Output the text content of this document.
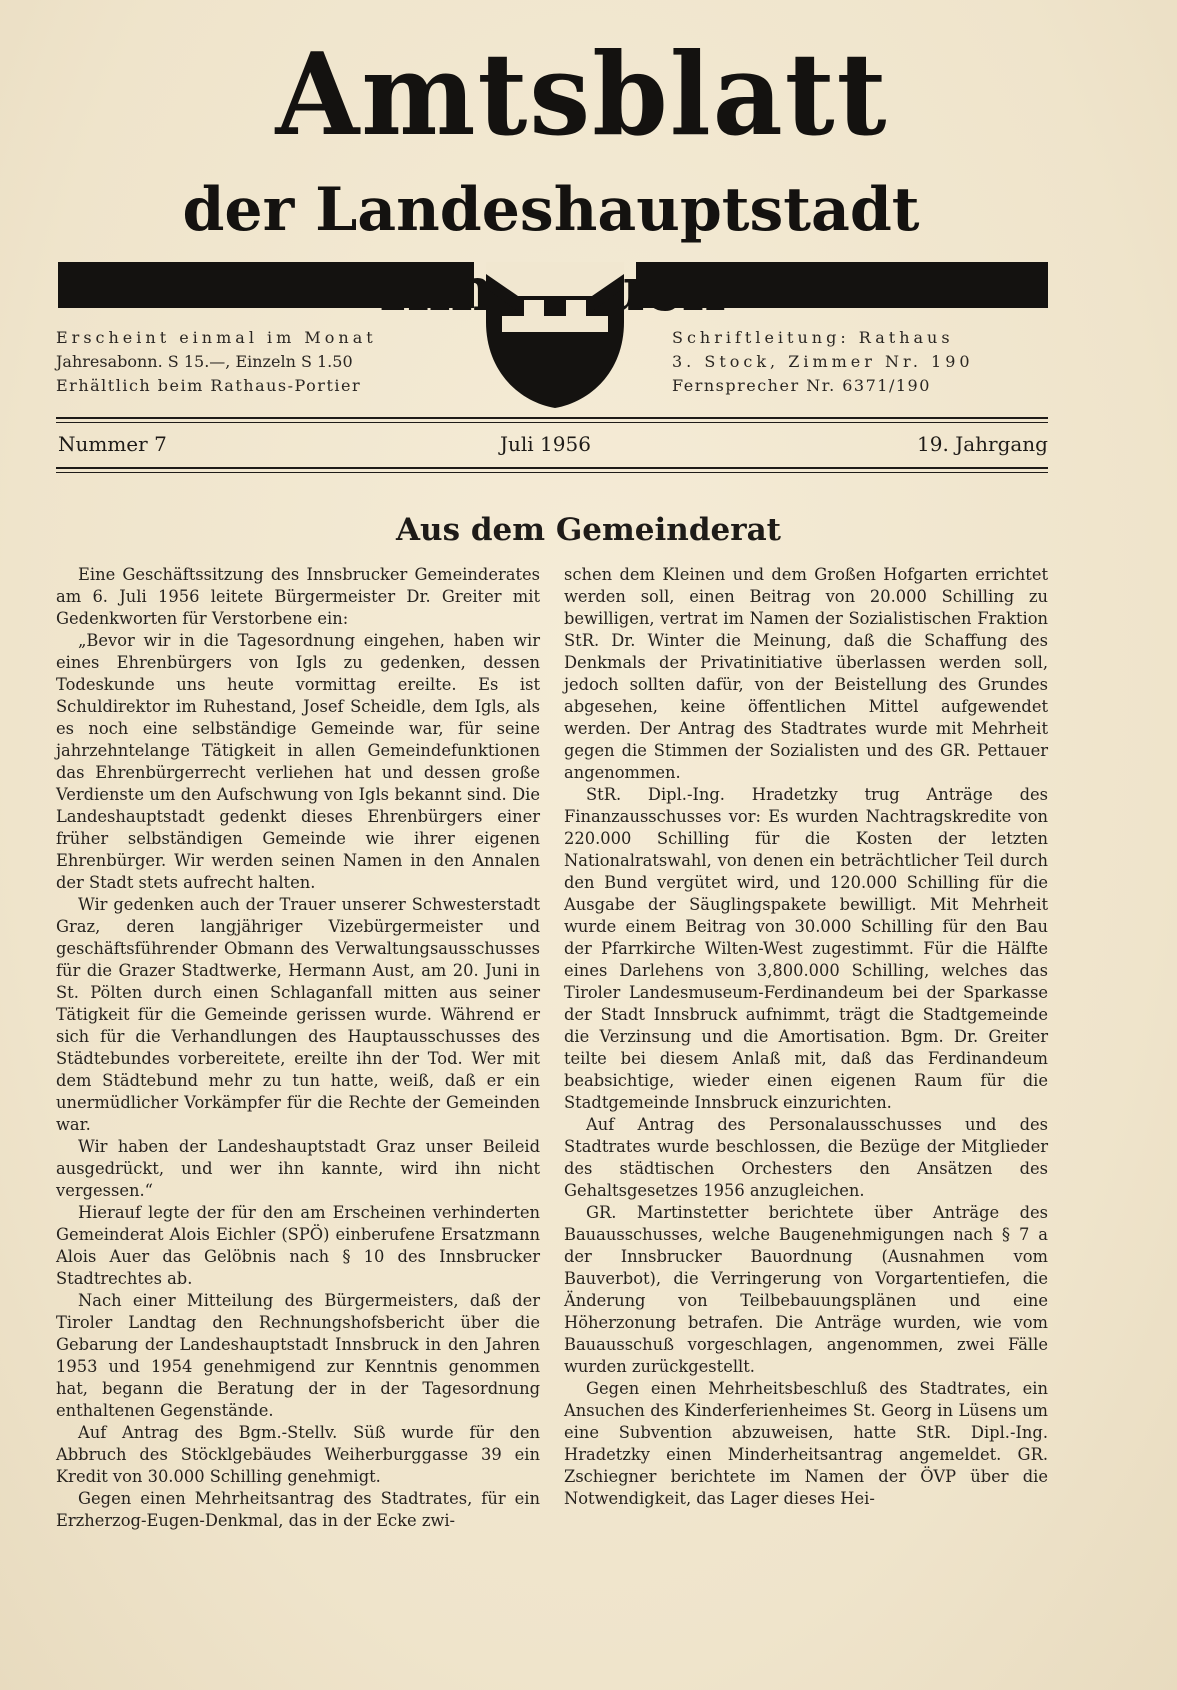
Amtsblatt
der Landeshauptstadt
Erscheint einmal im Monat
Jahresabonn. S 15.—, Einzeln S 1.50
Erhältlich beim Rathaus-Portier
Schriftleitung: Rathaus
3. Stock, Zimmer Nr. 190
Fernsprecher Nr. 6371/190
Nummer 7	Juli 1956	19. Jahrgang
Aus dem Gemeinderat

Eine Geschäftssitzung des Innsbrucker Gemeinderates am 6. Juli 1956 leitete Bürgermeister Dr. Greiter mit Gedenkworten für Verstorbene ein:

„Bevor wir in die Tagesordnung eingehen, haben wir eines Ehrenbürgers von Igls zu gedenken, dessen Todeskunde uns heute vormittag ereilte. Es ist Schuldirektor im Ruhestand, Josef Scheidle, dem Igls, als es noch eine selbständige Gemeinde war, für seine jahrzehntelange Tätigkeit in allen Gemeindefunktionen das Ehrenbürgerrecht verliehen hat und dessen große Verdienste um den Aufschwung von Igls bekannt sind. Die Landeshauptstadt gedenkt dieses Ehrenbürgers einer früher selbständigen Gemeinde wie ihrer eigenen Ehrenbürger. Wir werden seinen Namen in den Annalen der Stadt stets aufrecht halten.

Wir gedenken auch der Trauer unserer Schwesterstadt Graz, deren langjähriger Vizebürgermeister und geschäftsführender Obmann des Verwaltungsausschusses für die Grazer Stadtwerke, Hermann Aust, am 20. Juni in St. Pölten durch einen Schlaganfall mitten aus seiner Tätigkeit für die Gemeinde gerissen wurde. Während er sich für die Verhandlungen des Hauptausschusses des Städtebundes vorbereitete, ereilte ihn der Tod. Wer mit dem Städtebund mehr zu tun hatte, weiß, daß er ein unermüdlicher Vorkämpfer für die Rechte der Gemeinden war.

Wir haben der Landeshauptstadt Graz unser Beileid ausgedrückt, und wer ihn kannte, wird ihn nicht vergessen.“

Hierauf legte der für den am Erscheinen verhinderten Gemeinderat Alois Eichler (SPÖ) einberufene Ersatzmann Alois Auer das Gelöbnis nach § 10 des Innsbrucker Stadtrechtes ab.

Nach einer Mitteilung des Bürgermeisters, daß der Tiroler Landtag den Rechnungshofsbericht über die Gebarung der Landeshauptstadt Innsbruck in den Jahren 1953 und 1954 genehmigend zur Kenntnis genommen hat, begann die Beratung der in der Tagesordnung enthaltenen Gegenstände.

Auf Antrag des Bgm.-Stellv. Süß wurde für den Abbruch des Stöcklgebäudes Weiherburggasse 39 ein Kredit von 30.000 Schilling genehmigt.

Gegen einen Mehrheitsantrag des Stadtrates, für ein Erzherzog-Eugen-Denkmal, das in der Ecke zwi-

schen dem Kleinen und dem Großen Hofgarten errichtet werden soll, einen Beitrag von 20.000 Schilling zu bewilligen, vertrat im Namen der Sozialistischen Fraktion StR. Dr. Winter die Meinung, daß die Schaffung des Denkmals der Privatinitiative überlassen werden soll, jedoch sollten dafür, von der Beistellung des Grundes abgesehen, keine öffentlichen Mittel aufgewendet werden. Der Antrag des Stadtrates wurde mit Mehrheit gegen die Stimmen der Sozialisten und des GR. Pettauer angenommen.

StR. Dipl.-Ing. Hradetzky trug Anträge des Finanzausschusses vor: Es wurden Nachtragskredite von 220.000 Schilling für die Kosten der letzten Nationalratswahl, von denen ein beträchtlicher Teil durch den Bund vergütet wird, und 120.000 Schilling für die Ausgabe der Säuglingspakete bewilligt. Mit Mehrheit wurde einem Beitrag von 30.000 Schilling für den Bau der Pfarrkirche Wilten-West zugestimmt. Für die Hälfte eines Darlehens von 3,800.000 Schilling, welches das Tiroler Landesmuseum-Ferdinandeum bei der Sparkasse der Stadt Innsbruck aufnimmt, trägt die Stadtgemeinde die Verzinsung und die Amortisation. Bgm. Dr. Greiter teilte bei diesem Anlaß mit, daß das Ferdinandeum beabsichtige, wieder einen eigenen Raum für die Stadtgemeinde Innsbruck einzurichten.

Auf Antrag des Personalausschusses und des Stadtrates wurde beschlossen, die Bezüge der Mitglieder des städtischen Orchesters den Ansätzen des Gehaltsgesetzes 1956 anzugleichen.

GR. Martinstetter berichtete über Anträge des Bauausschusses, welche Baugenehmigungen nach § 7 a der Innsbrucker Bauordnung (Ausnahmen vom Bauverbot), die Verringerung von Vorgartentiefen, die Änderung von Teilbebauungsplänen und eine Höherzonung betrafen. Die Anträge wurden, wie vom Bauausschuß vorgeschlagen, angenommen, zwei Fälle wurden zurückgestellt.

Gegen einen Mehrheitsbeschluß des Stadtrates, ein Ansuchen des Kinderferienheimes St. Georg in Lüsens um eine Subvention abzuweisen, hatte StR. Dipl.-Ing. Hradetzky einen Minderheitsantrag angemeldet. GR. Zschiegner berichtete im Namen der ÖVP über die Notwendigkeit, das Lager dieses Hei-
